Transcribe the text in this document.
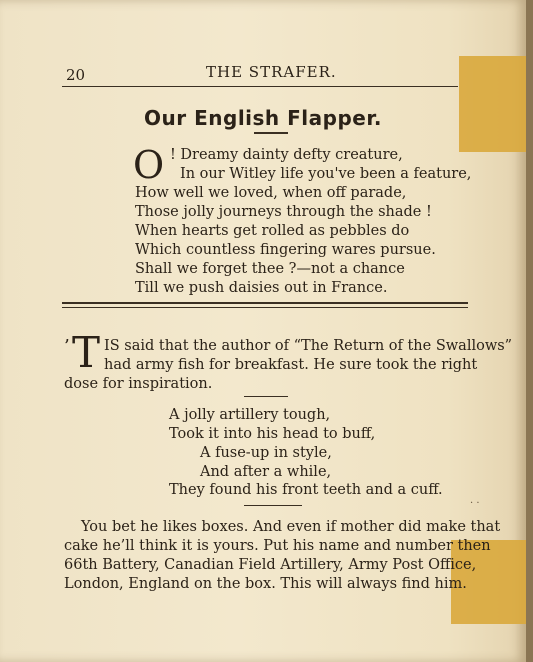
20	THE STRAFER.
Our English Flapper.
O ! Dreamy dainty defty creature,
In our Witley life you've been a feature,
How well we loved, when off parade,
Those jolly journeys through the shade !
When hearts get rolled as pebbles do
Which countless fingering wares pursue.
Shall we forget thee ?—not a chance
Till we push daisies out in France.
’ T IS said that the author of “The Return of the Swallows”
had army fish for breakfast. He sure took the right
dose for inspiration.
A jolly artillery tough,
Took it into his head to buff,
A fuse-up in style,
And after a while,
They found his front teeth and a cuff.
· ·
You bet he likes boxes. And even if mother did make that
cake he’ll think it is yours. Put his name and number then
66th Battery, Canadian Field Artillery, Army Post Office,
London, England on the box. This will always find him.
